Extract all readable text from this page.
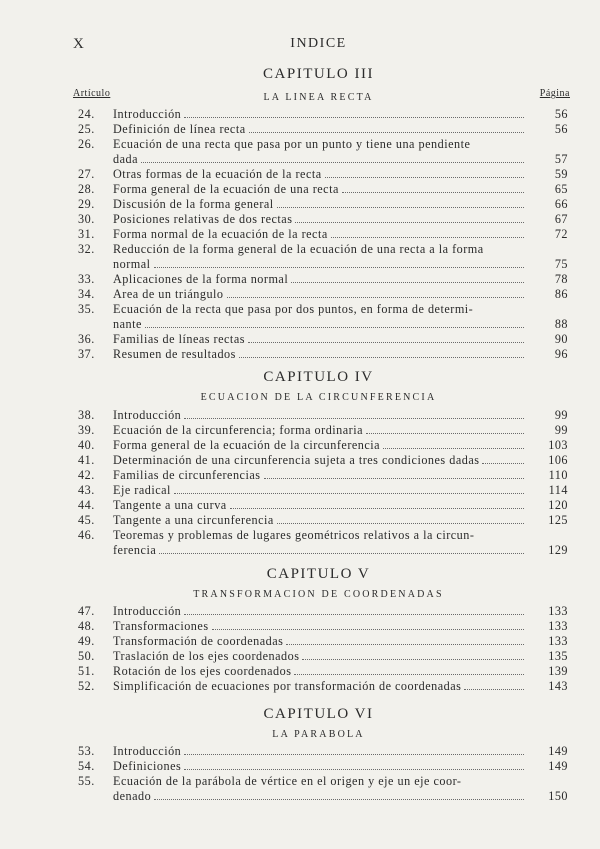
X	INDICE
CAPITULO III
Artículo	Página
LA LINEA RECTA
CAPITULO IV
ECUACION DE LA CIRCUNFERENCIA
CAPITULO V
TRANSFORMACION DE COORDENADAS
CAPITULO VI
LA PARABOLA
24.	Introducción	56
25.	Definición de línea recta	56
26.	Ecuación de una recta que pasa por un punto y tiene una pendiente
dada	57
27.	Otras formas de la ecuación de la recta	59
28.	Forma general de la ecuación de una recta	65
29.	Discusión de la forma general	66
30.	Posiciones relativas de dos rectas	67
31.	Forma normal de la ecuación de la recta	72
32.	Reducción de la forma general de la ecuación de una recta a la forma
normal	75
33.	Aplicaciones de la forma normal	78
34.	Area de un triángulo	86
35.	Ecuación de la recta que pasa por dos puntos, en forma de determi-
nante	88
36.	Familias de líneas rectas	90
37.	Resumen de resultados	96
38.	Introducción	99
39.	Ecuación de la circunferencia; forma ordinaria	99
40.	Forma general de la ecuación de la circunferencia	103
41.	Determinación de una circunferencia sujeta a tres condiciones dadas	106
42.	Familias de circunferencias	110
43.	Eje radical	114
44.	Tangente a una curva	120
45.	Tangente a una circunferencia	125
46.	Teoremas y problemas de lugares geométricos relativos a la circun-
ferencia	129
47.	Introducción	133
48.	Transformaciones	133
49.	Transformación de coordenadas	133
50.	Traslación de los ejes coordenados	135
51.	Rotación de los ejes coordenados	139
52.	Simplificación de ecuaciones por transformación de coordenadas	143
53.	Introducción	149
54.	Definiciones	149
55.	Ecuación de la parábola de vértice en el origen y eje un eje coor-
denado	150
